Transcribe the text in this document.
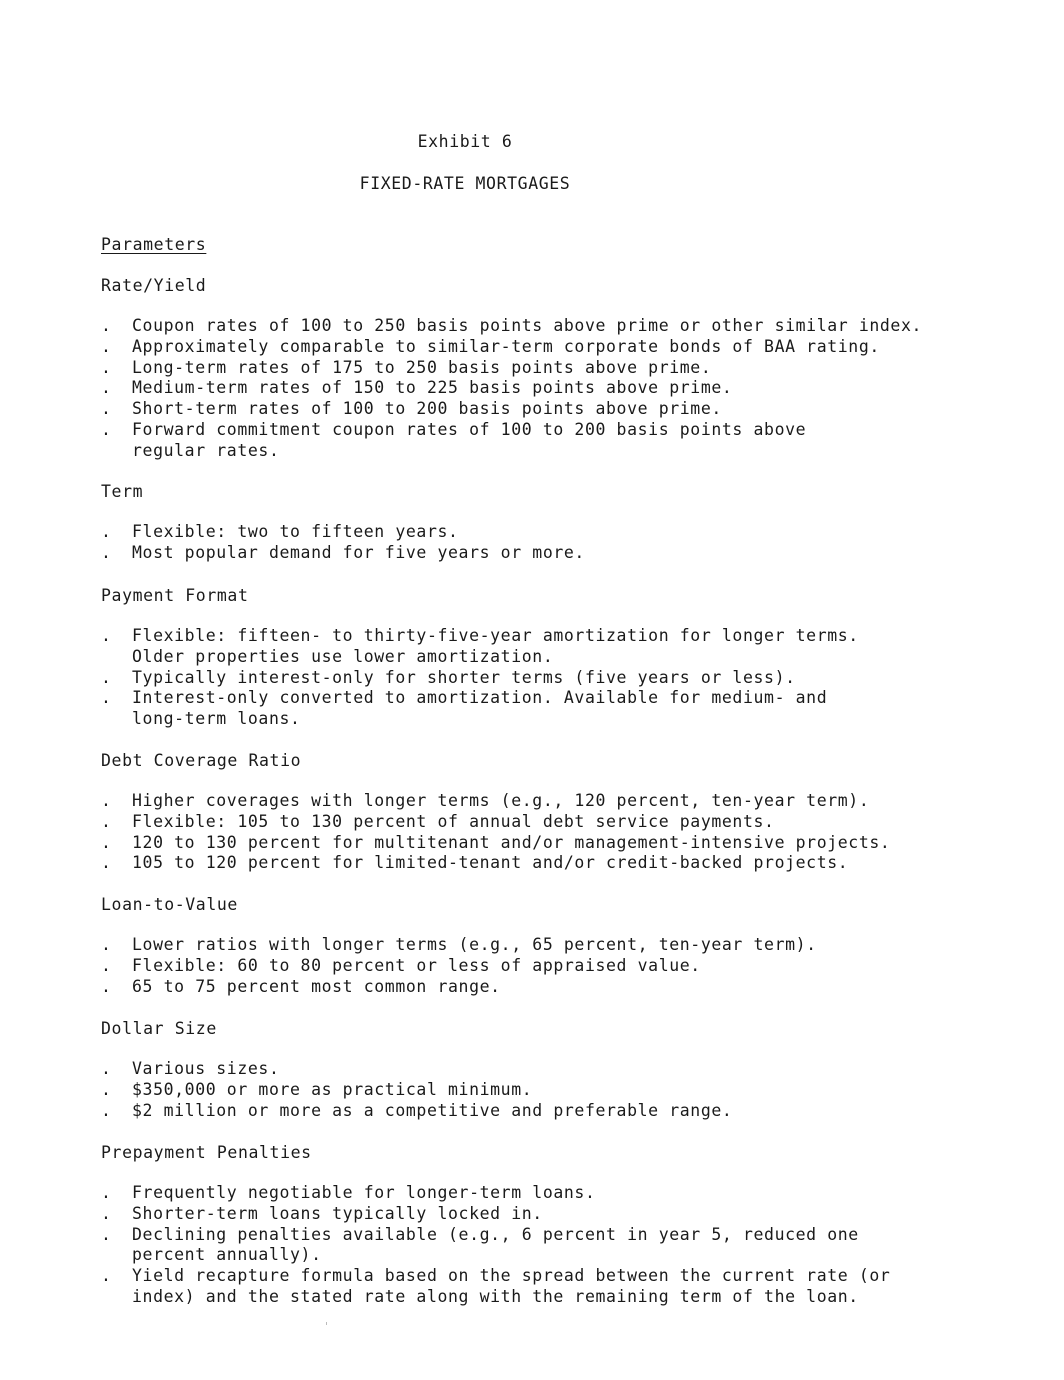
Exhibit 6
FIXED-RATE MORTGAGES
Parameters
Rate/Yield
. Coupon rates of 100 to 250 basis points above prime or other similar index.
. Approximately comparable to similar-term corporate bonds of BAA rating.
. Long-term rates of 175 to 250 basis points above prime.
. Medium-term rates of 150 to 225 basis points above prime.
. Short-term rates of 100 to 200 basis points above prime.
. Forward commitment coupon rates of 100 to 200 basis points above
regular rates.
Term
. Flexible: two to fifteen years.
. Most popular demand for five years or more.
Payment Format
. Flexible: fifteen- to thirty-five-year amortization for longer terms.
Older properties use lower amortization.
. Typically interest-only for shorter terms (five years or less).
. Interest-only converted to amortization. Available for medium- and
long-term loans.
Debt Coverage Ratio
. Higher coverages with longer terms (e.g., 120 percent, ten-year term).
. Flexible: 105 to 130 percent of annual debt service payments.
. 120 to 130 percent for multitenant and/or management-intensive projects.
. 105 to 120 percent for limited-tenant and/or credit-backed projects.
Loan-to-Value
. Lower ratios with longer terms (e.g., 65 percent, ten-year term).
. Flexible: 60 to 80 percent or less of appraised value.
. 65 to 75 percent most common range.
Dollar Size
. Various sizes.
. $350,000 or more as practical minimum.
. $2 million or more as a competitive and preferable range.
Prepayment Penalties
. Frequently negotiable for longer-term loans.
. Shorter-term loans typically locked in.
. Declining penalties available (e.g., 6 percent in year 5, reduced one
percent annually).
. Yield recapture formula based on the spread between the current rate (or
index) and the stated rate along with the remaining term of the loan.
